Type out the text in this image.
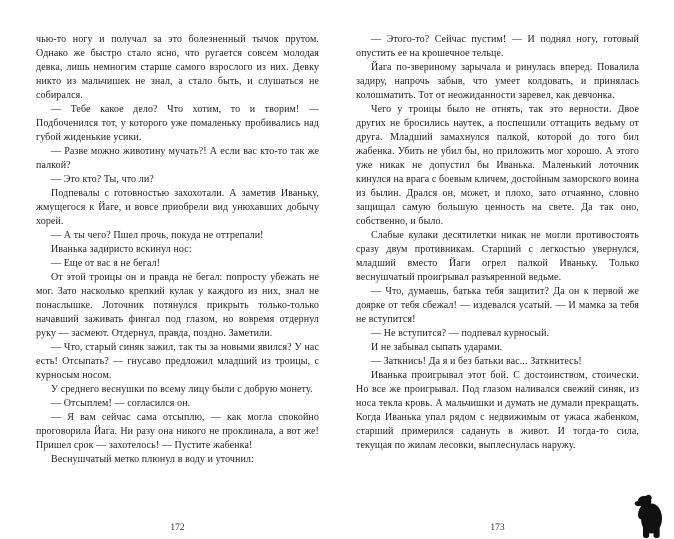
чью-то ногу и получал за это болезненный тычок прутом. Однако же быстро стало ясно, что ругается совсем молодая девка, лишь немногим старше самого взрослого из них. Девку никто из мальчишек не знал, а стало быть, и слушаться не собирался.

— Тебе какое дело? Что хотим, то и творим! — Подбоченился тот, у которого уже помаленьку пробивались над губой жиденькие усики.

— Разве можно животину мучать?! А если вас кто-то так же палкой?

— Это кто? Ты, что ли?

Подпевалы с готовностью захохотали. А заметив Иваньку, жмущегося к Йаге, и вовсе приобрели вид унюхавших добычу хорей.

— А ты чего? Пшел прочь, покуда не оттрепали!

Иванька задиристо вскинул нос:

— Еще от вас я не бегал!

От этой троицы он и правда не бегал: попросту убежать не мог. Зато насколько крепкий кулак у каждого из них, знал не понаслышке. Лоточник потянулся прикрыть только-только начавший заживать фингал под глазом, но вовремя отдернул руку — засмеют. Отдернул, правда, поздно. Заметили.

— Что, старый синяк зажил, так ты за новыми явился? У нас есть! Отсыпать? — гнусаво предложил младший из троицы, с курносым носом.

У среднего веснушки по всему лицу были с добрую монету.

— Отсыплем! — согласился он.

— Я вам сейчас сама отсыплю, — как могла спокойно проговорила Йага. Ни разу она никого не проклинала, а вот же! Пришел срок — захотелось! — Пустите жабенка!

Веснушчатый метко плюнул в воду и уточнил:

172

— Этого-то? Сейчас пустим! — И поднял ногу, готовый опустить ее на крошечное тельце.

Йага по-звериному зарычала и ринулась вперед. Повалила задиру, напрочь забыв, что умеет колдовать, и принялась колошматить. Тот от неожиданности заревел, как девчонка.

Чего у троицы было не отнять, так это верности. Двое других не бросились наутек, а поспешили оттащить ведьму от друга. Младший замахнулся палкой, которой до того бил жабенка. Убить не убил бы, но приложить мог хорошо. А этого уже никак не допустил бы Иванька. Маленький лоточник кинулся на врага с боевым кличем, достойным заморского воина из былин. Дрался он, может, и плохо, зато отчаянно, словно защищал самую большую ценность на свете. Да так оно, собственно, и было.

Слабые кулаки десятилетки никак не могли противостоять сразу двум противникам. Старший с легкостью увернулся, младший вместо Йаги огрел палкой Иваньку. Только веснушчатый проигрывал разъяренной ведьме.

— Что, думаешь, батька тебя защитит? Да он к первой же доярке от тебя сбежал! — издевался усатый. — И мамка за тебя не вступится!

— Не вступится? — подпевал курносый.

И не забывал сыпать ударами.

— Заткнись! Да я и без батьки вас... Заткнитесь!

Иванька проигрывал этот бой. С достоинством, стоически. Но все же проигрывал. Под глазом наливался свежий синяк, из носа текла кровь. А мальчишки и думать не думали прекращать. Когда Иванька упал рядом с недвижимым от ужаса жабенком, старший примерился садануть в живот. И тогда-то сила, текущая по жилам лесовки, выплеснулась наружу.

173
